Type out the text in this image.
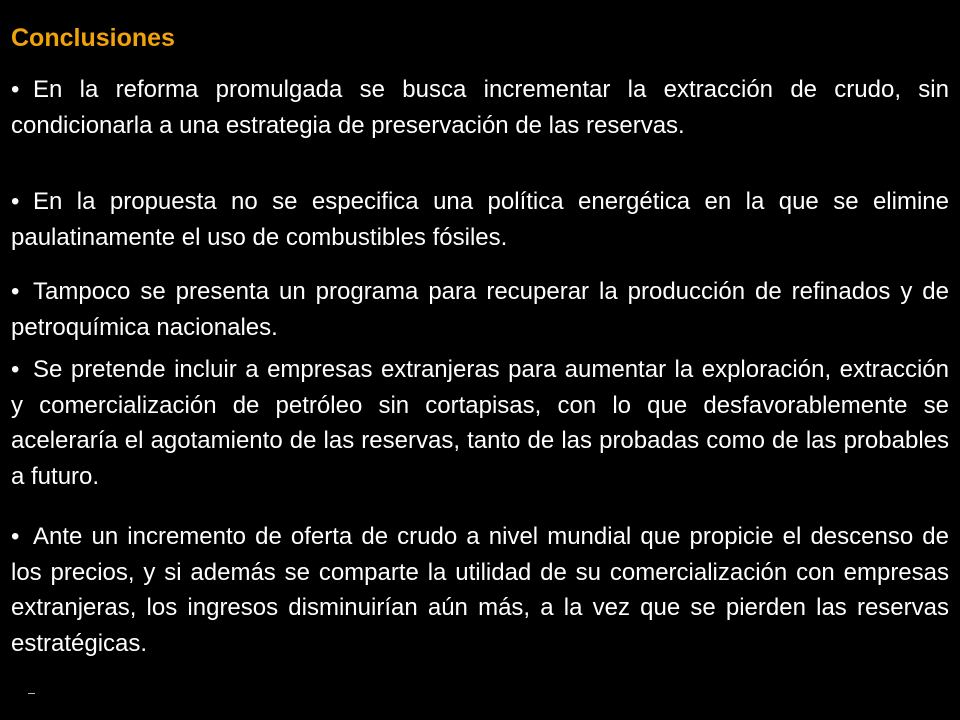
Conclusiones
• En la reforma promulgada se busca incrementar la extracción de crudo, sin condicionarla a una estrategia de preservación de las reservas.
• En la propuesta no se especifica una política energética en la que se elimine paulatinamente el uso de combustibles fósiles.
• Tampoco se presenta un programa para recuperar la producción de refinados y de petroquímica nacionales.
• Se pretende incluir a empresas extranjeras para aumentar la exploración, extracción y comercialización de petróleo sin cortapisas, con lo que desfavorablemente se aceleraría el agotamiento de las reservas, tanto de las probadas como de las probables a futuro.
• Ante un incremento de oferta de crudo a nivel mundial que propicie el descenso de los precios, y si además se comparte la utilidad de su comercialización con empresas extranjeras, los ingresos disminuirían aún más, a la vez que se pierden las reservas estratégicas.
